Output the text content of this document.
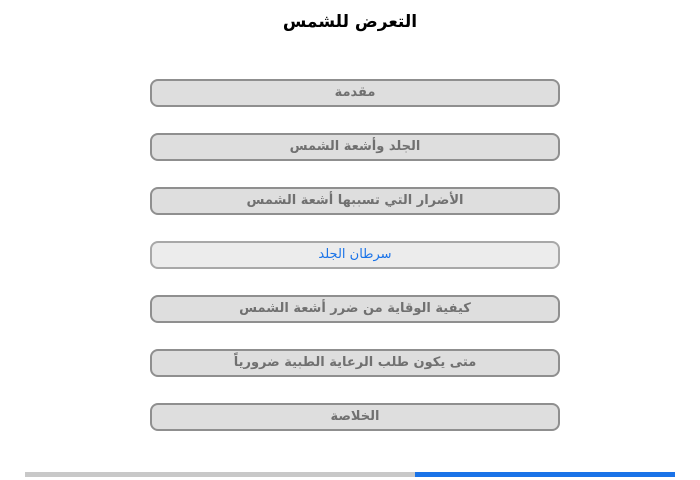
التعرض للشمس
مقدمة
الجلد وأشعة الشمس
الأضرار التي تسببها أشعة الشمس
سرطان الجلد
كيفية الوقاية من ضرر أشعة الشمس
متى يكون طلب الرعاية الطبية ضرورياً
الخلاصة
